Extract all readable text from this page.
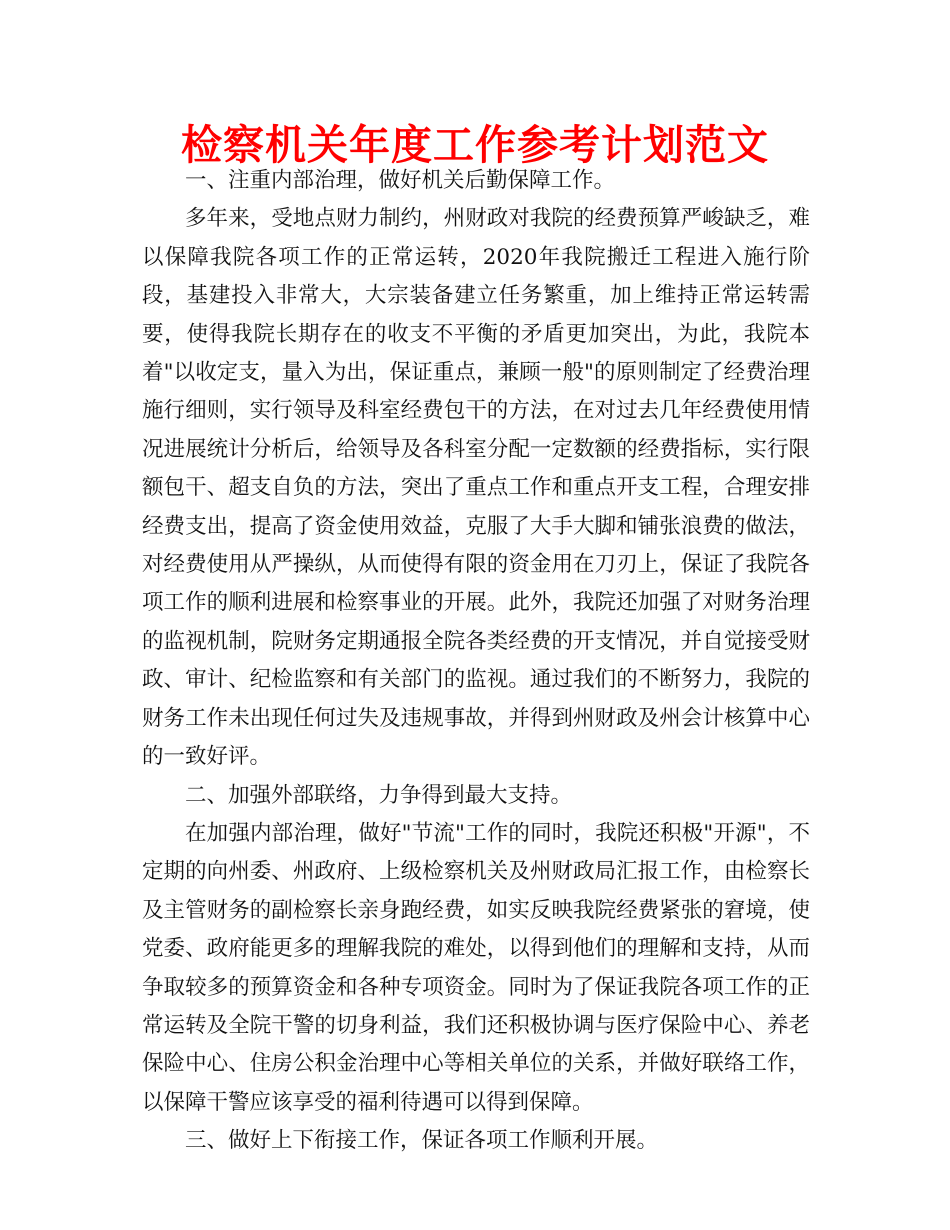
检察机关年度工作参考计划范文

一、注重内部治理，做好机关后勤保障工作。

多年来，受地点财力制约，州财政对我院的经费预算严峻缺乏，难以保障我院各项工作的正常运转，2020年我院搬迁工程进入施行阶段，基建投入非常大，大宗装备建立任务繁重，加上维持正常运转需要，使得我院长期存在的收支不平衡的矛盾更加突出，为此，我院本着"以收定支，量入为出，保证重点，兼顾一般"的原则制定了经费治理施行细则，实行领导及科室经费包干的方法，在对过去几年经费使用情况进展统计分析后，给领导及各科室分配一定数额的经费指标，实行限额包干、超支自负的方法，突出了重点工作和重点开支工程，合理安排经费支出，提高了资金使用效益，克服了大手大脚和铺张浪费的做法，对经费使用从严操纵，从而使得有限的资金用在刀刃上，保证了我院各项工作的顺利进展和检察事业的开展。此外，我院还加强了对财务治理的监视机制，院财务定期通报全院各类经费的开支情况，并自觉接受财政、审计、纪检监察和有关部门的监视。通过我们的不断努力，我院的财务工作未出现任何过失及违规事故，并得到州财政及州会计核算中心的一致好评。

二、加强外部联络，力争得到最大支持。

在加强内部治理，做好"节流"工作的同时，我院还积极"开源"，不定期的向州委、州政府、上级检察机关及州财政局汇报工作，由检察长及主管财务的副检察长亲身跑经费，如实反映我院经费紧张的窘境，使党委、政府能更多的理解我院的难处，以得到他们的理解和支持，从而争取较多的预算资金和各种专项资金。同时为了保证我院各项工作的正常运转及全院干警的切身利益，我们还积极协调与医疗保险中心、养老保险中心、住房公积金治理中心等相关单位的关系，并做好联络工作，以保障干警应该享受的福利待遇可以得到保障。

三、做好上下衔接工作，保证各项工作顺利开展。
